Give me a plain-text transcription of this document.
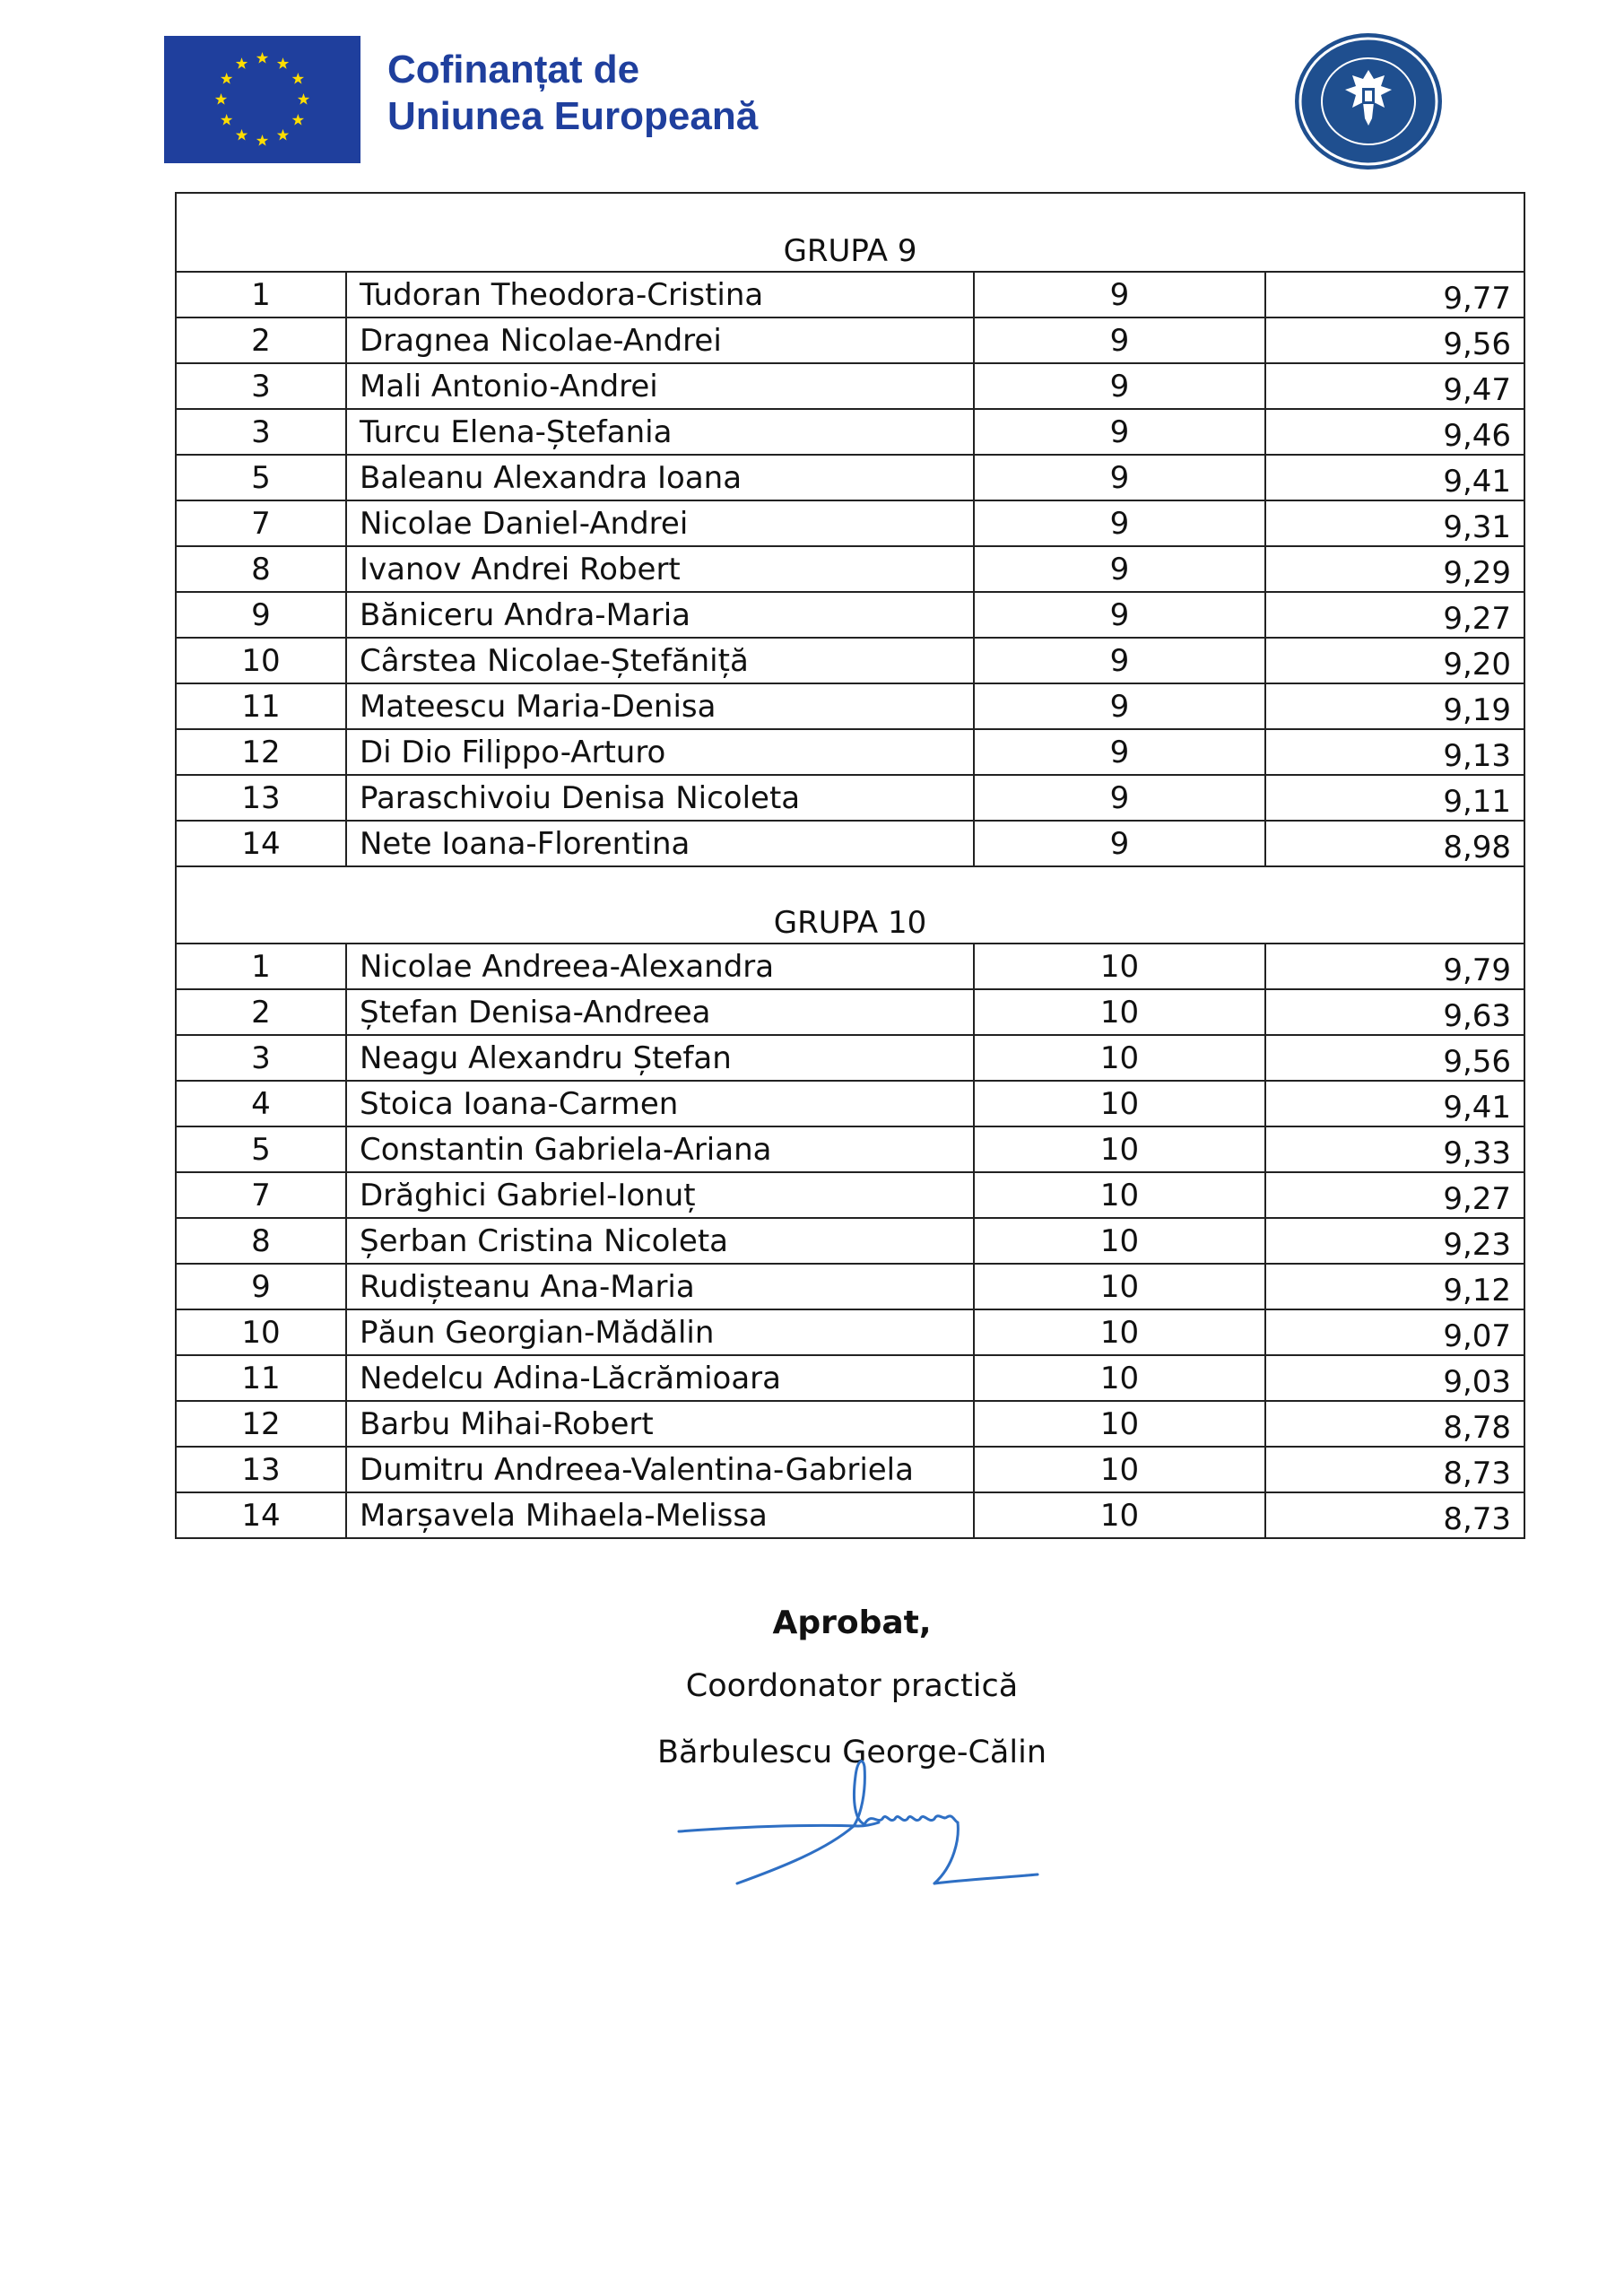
Cofinanțat de
Uniunea Europeană
GRUPA 9			
1	Tudoran Theodora-Cristina	9	9,77
2	Dragnea Nicolae-Andrei	9	9,56
3	Mali Antonio-Andrei	9	9,47
3	Turcu Elena-Ștefania	9	9,46
5	Baleanu Alexandra Ioana	9	9,41
7	Nicolae Daniel-Andrei	9	9,31
8	Ivanov Andrei Robert	9	9,29
9	Băniceru Andra-Maria	9	9,27
10	Cârstea Nicolae-Ștefăniță	9	9,20
11	Mateescu Maria-Denisa	9	9,19
12	Di Dio Filippo-Arturo	9	9,13
13	Paraschivoiu Denisa Nicoleta	9	9,11
14	Nete Ioana-Florentina	9	8,98
GRUPA 10			
1	Nicolae Andreea-Alexandra	10	9,79
2	Ștefan Denisa-Andreea	10	9,63
3	Neagu Alexandru Ștefan	10	9,56
4	Stoica Ioana-Carmen	10	9,41
5	Constantin Gabriela-Ariana	10	9,33
7	Drăghici Gabriel-Ionuț	10	9,27
8	Șerban Cristina Nicoleta	10	9,23
9	Rudișteanu Ana-Maria	10	9,12
10	Păun Georgian-Mădălin	10	9,07
11	Nedelcu Adina-Lăcrămioara	10	9,03
12	Barbu Mihai-Robert	10	8,78
13	Dumitru Andreea-Valentina-Gabriela	10	8,73
14	Marșavela Mihaela-Melissa	10	8,73
Aprobat,
Coordonator practică
Bărbulescu George-Călin
